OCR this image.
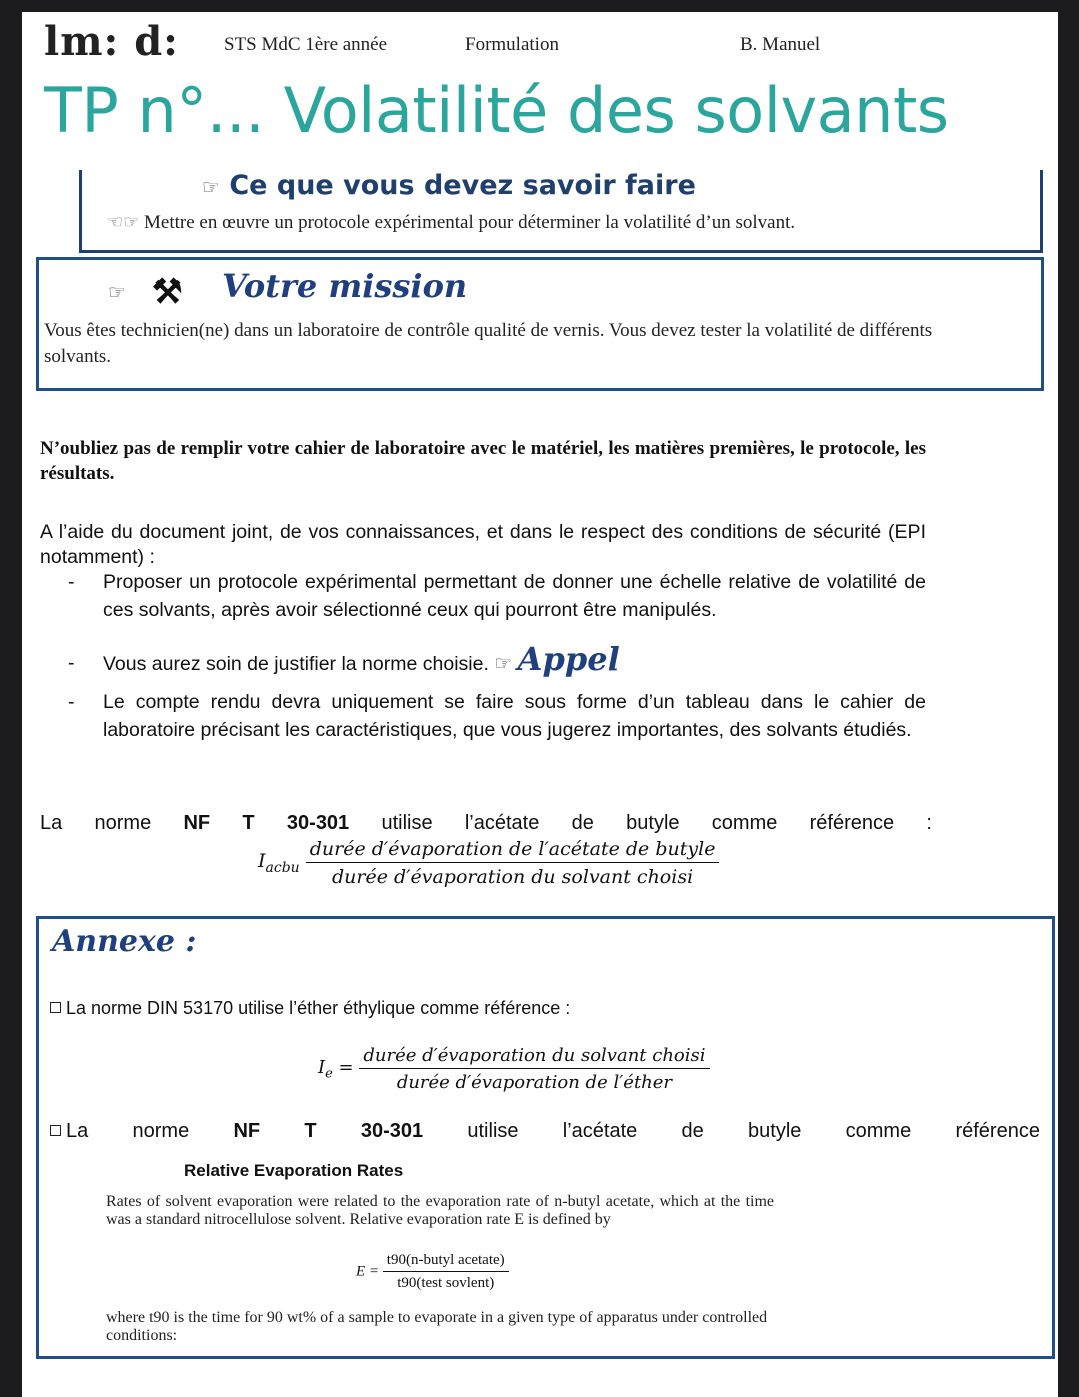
lm: d: STS MdC 1ère année	Formulation	B. Manuel
TP n°... Volatilité des solvants
☞ Ce que vous devez savoir faire
☜☞ Mettre en œuvre un protocole expérimental pour déterminer la volatilité d’un solvant.
☞ ⚒ Votre mission
Vous êtes technicien(ne) dans un laboratoire de contrôle qualité de vernis. Vous devez tester la volatilité de différents solvants.
N’oubliez pas de remplir votre cahier de laboratoire avec le matériel, les matières premières, le protocole, les résultats.
A l’aide du document joint, de vos connaissances, et dans le respect des conditions de sécurité (EPI notamment) :
- Proposer un protocole expérimental permettant de donner une échelle relative de volatilité de ces solvants, après avoir sélectionné ceux qui pourront être manipulés.
- Vous aurez soin de justifier la norme choisie. ☞ Appel
- Le compte rendu devra uniquement se faire sous forme d’un tableau dans le cahier de laboratoire précisant les caractéristiques, que vous jugerez importantes, des solvants étudiés.
La norme NF T 30-301 utilise l’acétate de butyle comme référence :
$I_{acbu} \frac{\text{durée d′évaporation de l′acétate de butyle}}{\text{durée d′évaporation du solvant choisi}}$
Annexe :
La norme DIN 53170 utilise l’éther éthylique comme référence :
$I_e = \frac{\text{durée d′évaporation du solvant choisi}}{\text{durée d′évaporation de l′éther}}$
La norme NF T 30-301 utilise l’acétate de butyle comme référence
Relative Evaporation Rates
Rates of solvent evaporation were related to the evaporation rate of n-butyl acetate, which at the time was a standard nitrocellulose solvent. Relative evaporation rate E is defined by
$E = \frac{\text{t90(n-butyl acetate)}}{\text{t90(test sovlent)}}$
where t90 is the time for 90 wt% of a sample to evaporate in a given type of apparatus under controlled conditions:
